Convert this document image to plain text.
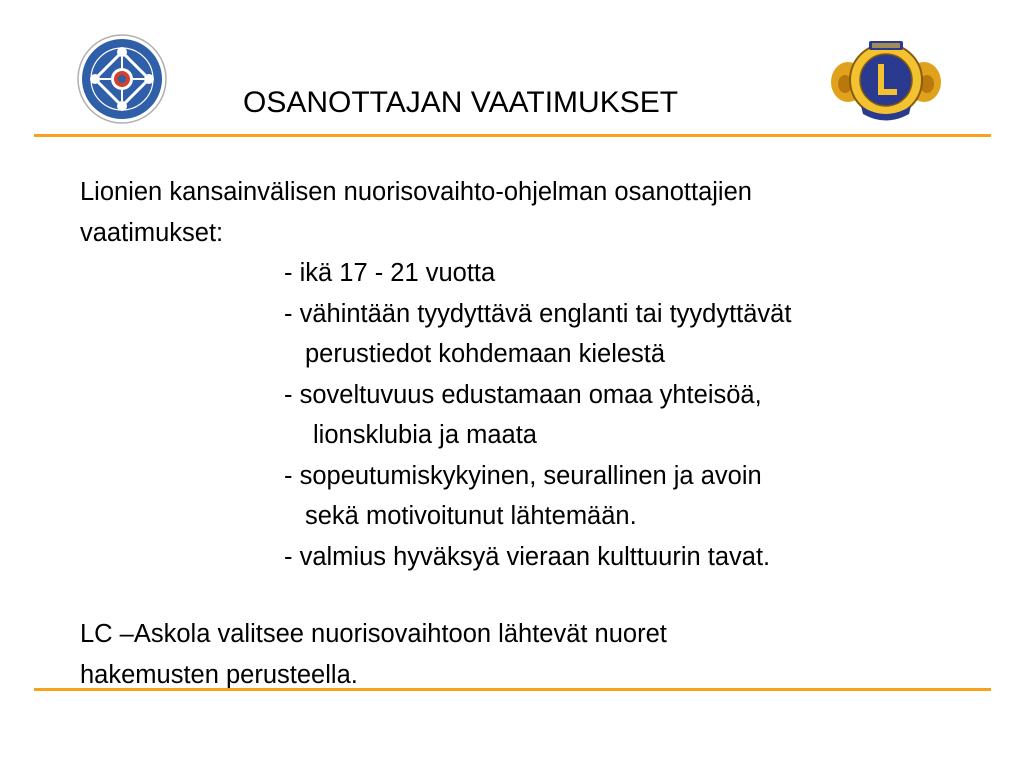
OSANOTTAJAN VAATIMUKSET
Lionien kansainvälisen nuorisovaihto-ohjelman osanottajien
vaatimukset:
- ikä 17 - 21 vuotta
- vähintään tyydyttävä englanti tai tyydyttävät
perustiedot kohdemaan kielestä
- soveltuvuus edustamaan omaa yhteisöä,
lionsklubia ja maata
- sopeutumiskykyinen, seurallinen ja avoin
sekä motivoitunut lähtemään.
- valmius hyväksyä vieraan kulttuurin tavat.
LC –Askola valitsee nuorisovaihtoon lähtevät nuoret
hakemusten perusteella.
